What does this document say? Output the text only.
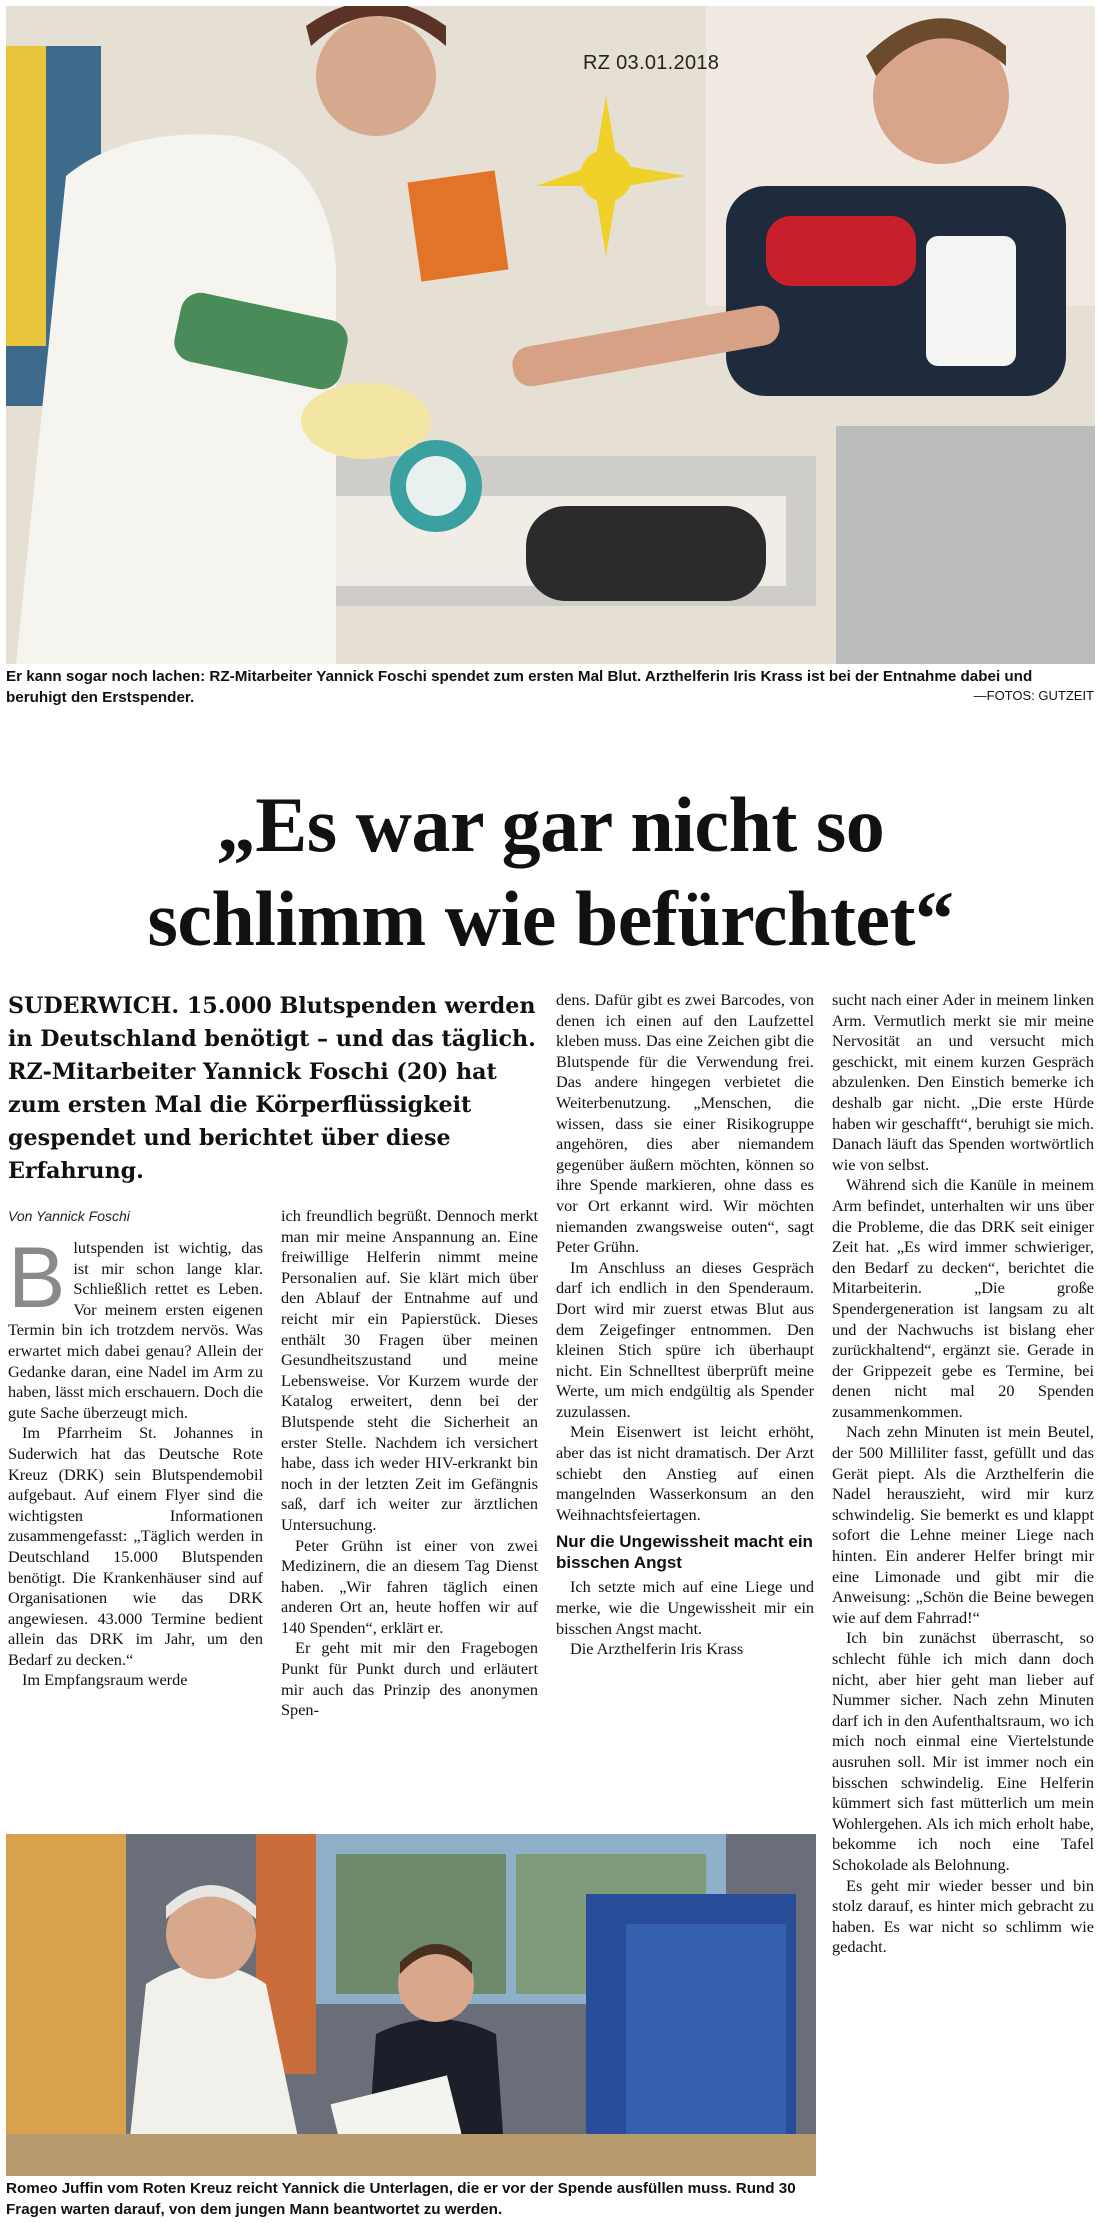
RZ 03.01.2018
Er kann sogar noch lachen: RZ-Mitarbeiter Yannick Foschi spendet zum ersten Mal Blut. Arzthelferin Iris Krass ist bei der Entnahme dabei und beruhigt den Erstspender.	—FOTOS: GUTZEIT
„Es war gar nicht so
schlimm wie befürchtet“
SUDERWICH. 15.000 Blutspenden werden in Deutschland benötigt – und das täglich. RZ-Mitarbeiter Yannick Foschi (20) hat zum ersten Mal die Körperflüssigkeit gespendet und berichtet über diese Erfahrung.
Von Yannick Foschi

Blutspenden ist wichtig, das ist mir schon lange klar. Schließlich rettet es Leben. Vor meinem ersten eigenen Termin bin ich trotzdem nervös. Was erwartet mich dabei genau? Allein der Gedanke daran, eine Nadel im Arm zu haben, lässt mich erschauern. Doch die gute Sache überzeugt mich.

Im Pfarrheim St. Johannes in Suderwich hat das Deutsche Rote Kreuz (DRK) sein Blutspendemobil aufgebaut. Auf einem Flyer sind die wichtigsten Informationen zusammengefasst: „Täglich werden in Deutschland 15.000 Blutspenden benötigt. Die Krankenhäuser sind auf Organisationen wie das DRK angewiesen. 43.000 Termine bedient allein das DRK im Jahr, um den Bedarf zu decken.“

Im Empfangsraum werde

ich freundlich begrüßt. Dennoch merkt man mir meine Anspannung an. Eine freiwillige Helferin nimmt meine Personalien auf. Sie klärt mich über den Ablauf der Entnahme auf und reicht mir ein Papierstück. Dieses enthält 30 Fragen über meinen Gesundheitszustand und meine Lebensweise. Vor Kurzem wurde der Katalog erweitert, denn bei der Blutspende steht die Sicherheit an erster Stelle. Nachdem ich versichert habe, dass ich weder HIV-erkrankt bin noch in der letzten Zeit im Gefängnis saß, darf ich weiter zur ärztlichen Untersuchung.

Peter Grühn ist einer von zwei Medizinern, die an diesem Tag Dienst haben. „Wir fahren täglich einen anderen Ort an, heute hoffen wir auf 140 Spenden“, erklärt er.

Er geht mit mir den Fragebogen Punkt für Punkt durch und erläutert mir auch das Prinzip des anonymen Spen-

dens. Dafür gibt es zwei Barcodes, von denen ich einen auf den Laufzettel kleben muss. Das eine Zeichen gibt die Blutspende für die Verwendung frei. Das andere hingegen verbietet die Weiterbenutzung. „Menschen, die wissen, dass sie einer Risikogruppe angehören, dies aber niemandem gegenüber äußern möchten, können so ihre Spende markieren, ohne dass es vor Ort erkannt wird. Wir möchten niemanden zwangsweise outen“, sagt Peter Grühn.

Im Anschluss an dieses Gespräch darf ich endlich in den Spenderaum. Dort wird mir zuerst etwas Blut aus dem Zeigefinger entnommen. Den kleinen Stich spüre ich überhaupt nicht. Ein Schnelltest überprüft meine Werte, um mich endgültig als Spender zuzulassen.

Mein Eisenwert ist leicht erhöht, aber das ist nicht dramatisch. Der Arzt schiebt den Anstieg auf einen mangelnden Wasserkonsum an den Weihnachtsfeiertagen.

Nur die Ungewissheit macht ein bisschen Angst

Ich setzte mich auf eine Liege und merke, wie die Ungewissheit mir ein bisschen Angst macht.

Die Arzthelferin Iris Krass

sucht nach einer Ader in meinem linken Arm. Vermutlich merkt sie mir meine Nervosität an und versucht mich geschickt, mit einem kurzen Gespräch abzulenken. Den Einstich bemerke ich deshalb gar nicht. „Die erste Hürde haben wir geschafft“, beruhigt sie mich. Danach läuft das Spenden wortwörtlich wie von selbst.

Während sich die Kanüle in meinem Arm befindet, unterhalten wir uns über die Probleme, die das DRK seit einiger Zeit hat. „Es wird immer schwieriger, den Bedarf zu decken“, berichtet die Mitarbeiterin. „Die große Spendergeneration ist langsam zu alt und der Nachwuchs ist bislang eher zurückhaltend“, ergänzt sie. Gerade in der Grippezeit gebe es Termine, bei denen nicht mal 20 Spenden zusammenkommen.

Nach zehn Minuten ist mein Beutel, der 500 Milliliter fasst, gefüllt und das Gerät piept. Als die Arzthelferin die Nadel herauszieht, wird mir kurz schwindelig. Sie bemerkt es und klappt sofort die Lehne meiner Liege nach hinten. Ein anderer Helfer bringt mir eine Limonade und gibt mir die Anweisung: „Schön die Beine bewegen wie auf dem Fahrrad!“

Ich bin zunächst überrascht, so schlecht fühle ich mich dann doch nicht, aber hier geht man lieber auf Nummer sicher. Nach zehn Minuten darf ich in den Aufenthaltsraum, wo ich mich noch einmal eine Viertelstunde ausruhen soll. Mir ist immer noch ein bisschen schwindelig. Eine Helferin kümmert sich fast mütterlich um mein Wohlergehen. Als ich mich erholt habe, bekomme ich noch eine Tafel Schokolade als Belohnung.

Es geht mir wieder besser und bin stolz darauf, es hinter mich gebracht zu haben. Es war nicht so schlimm wie gedacht.

Romeo Juffin vom Roten Kreuz reicht Yannick die Unterlagen, die er vor der Spende ausfüllen muss. Rund 30 Fragen warten darauf, von dem jungen Mann beantwortet zu werden.
